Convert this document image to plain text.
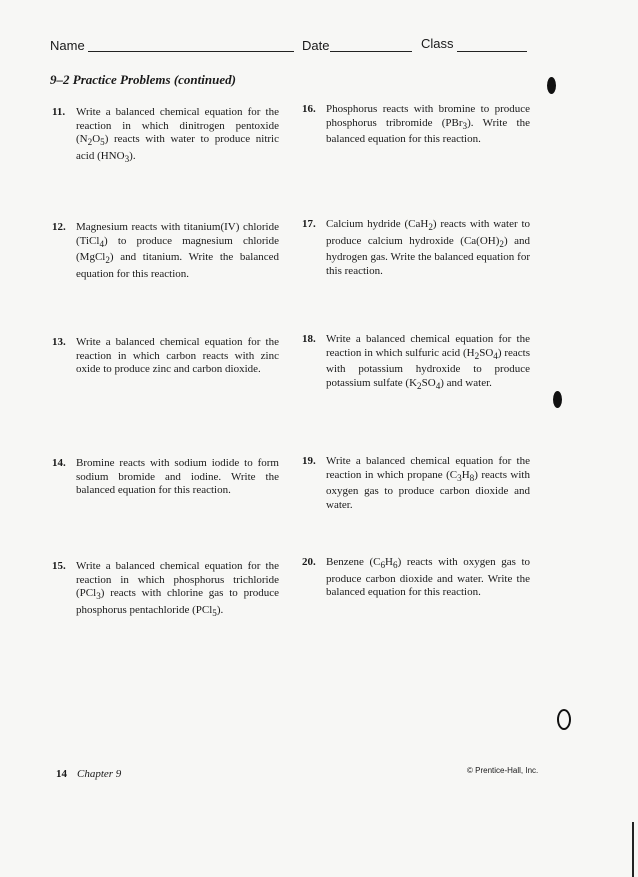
Name	Date	Class
9–2 Practice Problems (continued)
11. Write a balanced chemical equation for the reaction in which dinitrogen pentoxide $(N_2O_5)$ reacts with water to produce nitric acid $(HNO_3)$.
12. Magnesium reacts with titanium(IV) chloride (TiCl$_4$) to produce magnesium chloride (MgCl$_2$) and titanium. Write the balanced equation for this reaction.
13. Write a balanced chemical equation for the reaction in which carbon reacts with zinc oxide to produce zinc and carbon dioxide.
14. Bromine reacts with sodium iodide to form sodium bromide and iodine. Write the balanced equation for this reaction.
15. Write a balanced chemical equation for the reaction in which phosphorus trichloride (PCl$_3$) reacts with chlorine gas to produce phosphorus pentachloride (PCl$_5$).
16. Phosphorus reacts with bromine to produce phosphorus tribromide (PBr$_3$). Write the balanced equation for this reaction.
17. Calcium hydride (CaH$_2$) reacts with water to produce calcium hydroxide $(Ca(OH)_2)$ and hydrogen gas. Write the balanced equation for this reaction.
18. Write a balanced chemical equation for the reaction in which sulfuric acid $(H_2SO_4)$ reacts with potassium hydroxide to produce potassium sulfate $(K_2SO_4)$ and water.
19. Write a balanced chemical equation for the reaction in which propane $(C_3H_8)$ reacts with oxygen gas to produce carbon dioxide and water.
20. Benzene $(C_6H_6)$ reacts with oxygen gas to produce carbon dioxide and water. Write the balanced equation for this reaction.
14 Chapter 9	© Prentice-Hall, Inc.
